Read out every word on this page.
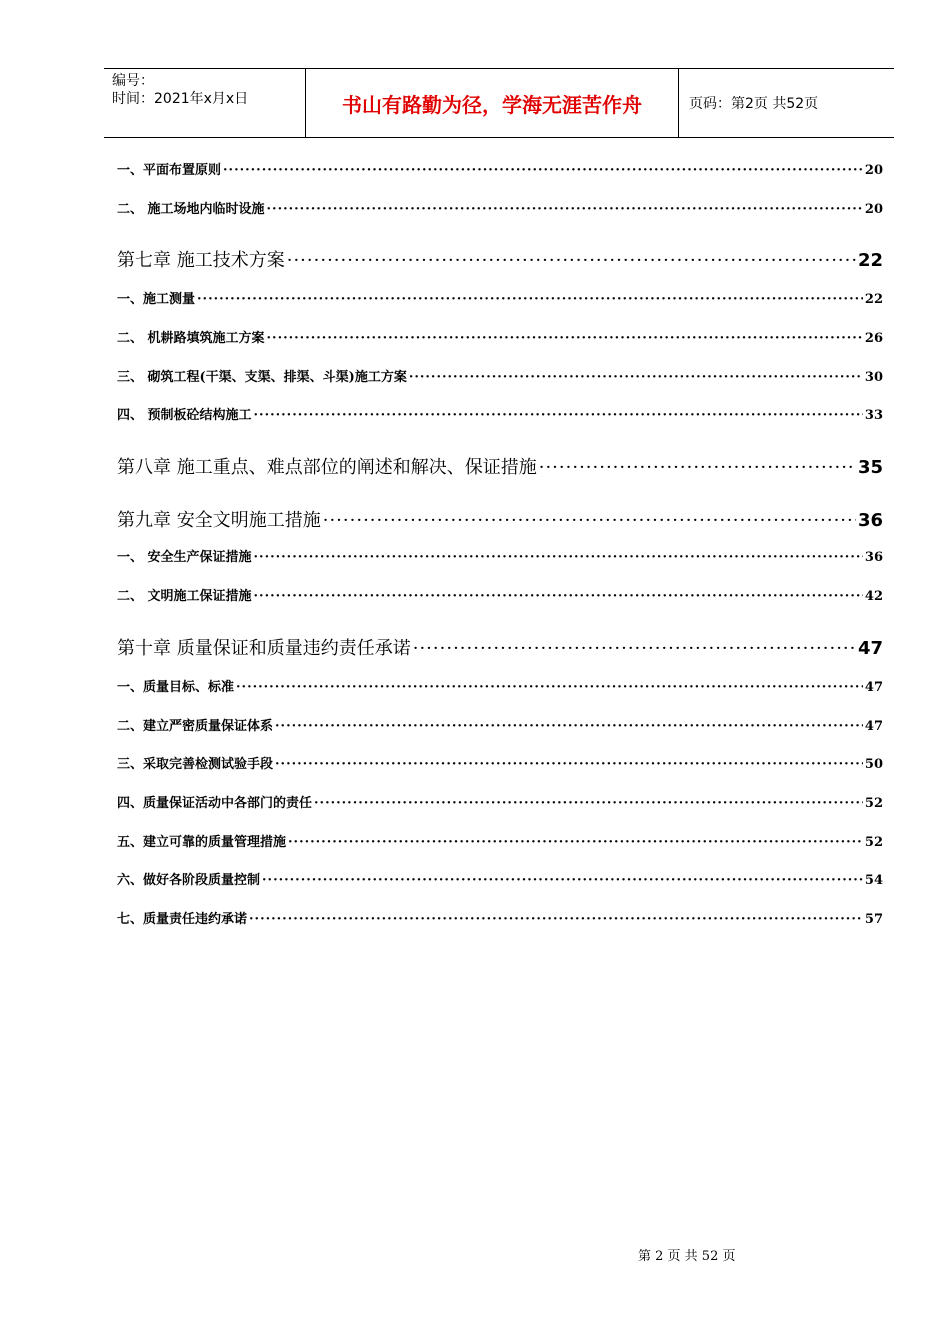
编号：
时间：2021年x月x日	书山有路勤为径，学海无涯苦作舟	页码：第2页 共52页
一、平面布置原则 ·····	20
二、 施工场地内临时设施 ·····	20
第七章 施工技术方案 ·····	22
一、施工测量 ·····	22
二、 机耕路填筑施工方案 ·····	26
三、 砌筑工程(干渠、支渠、排渠、斗渠)施工方案 ·····	30
四、 预制板砼结构施工 ·····	33
第八章 施工重点、难点部位的阐述和解决、保证措施 ·····	35
第九章 安全文明施工措施 ·····	36
一、 安全生产保证措施 ·····	36
二、 文明施工保证措施 ·····	42
第十章 质量保证和质量违约责任承诺 ·····	47
一、质量目标、标准 ·····	47
二、建立严密质量保证体系 ·····	47
三、采取完善检测试验手段 ·····	50
四、质量保证活动中各部门的责任 ·····	52
五、建立可靠的质量管理措施 ·····	52
六、做好各阶段质量控制 ·····	54
七、质量责任违约承诺 ·····	57
第 2 页 共 52 页
